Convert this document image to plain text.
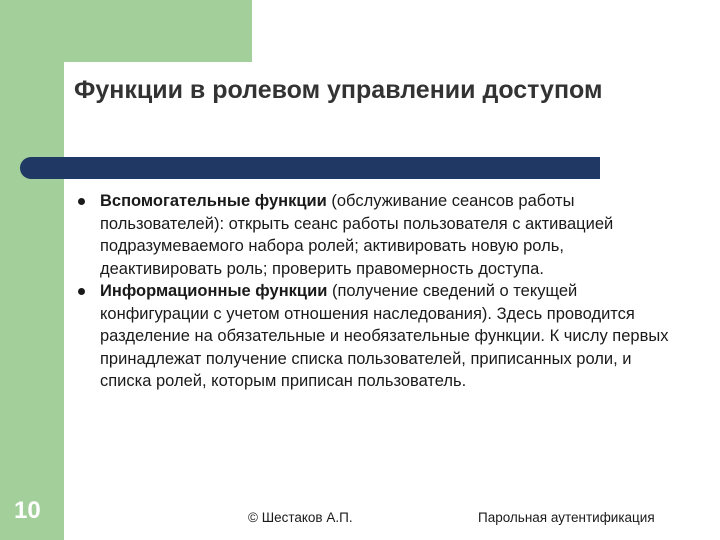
Функции в ролевом управлении доступом
Вспомогательные функции (обслуживание сеансов работы пользователей): открыть сеанс работы пользователя с активацией подразумеваемого набора ролей; активировать новую роль, деактивировать роль; проверить правомерность доступа.
Информационные функции (получение сведений о текущей конфигурации с учетом отношения наследования). Здесь проводится разделение на обязательные и необязательные функции. К числу первых принадлежат получение списка пользователей, приписанных роли, и списка ролей, которым приписан пользователь.
10	© Шестаков А.П.	Парольная аутентификация
